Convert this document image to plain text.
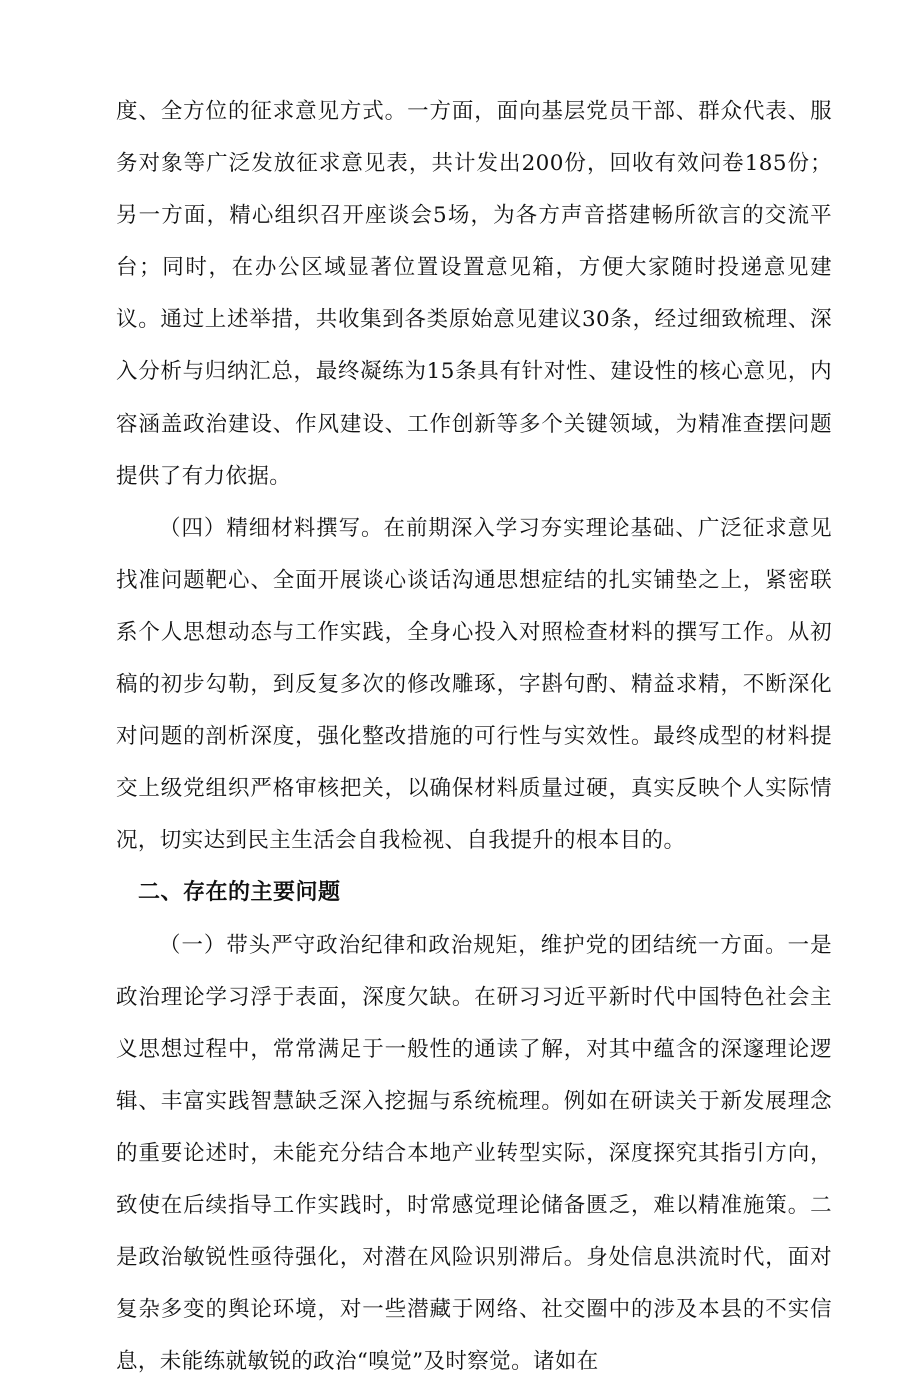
度、全方位的征求意见方式。一方面，面向基层党员干部、群众代表、服务对象等广泛发放征求意见表，共计发出200份，回收有效问卷185份；另一方面，精心组织召开座谈会5场，为各方声音搭建畅所欲言的交流平台；同时，在办公区域显著位置设置意见箱，方便大家随时投递意见建议。通过上述举措，共收集到各类原始意见建议30条，经过细致梳理、深入分析与归纳汇总，最终凝练为15条具有针对性、建设性的核心意见，内容涵盖政治建设、作风建设、工作创新等多个关键领域，为精准查摆问题提供了有力依据。

（四）精细材料撰写。在前期深入学习夯实理论基础、广泛征求意见找准问题靶心、全面开展谈心谈话沟通思想症结的扎实铺垫之上，紧密联系个人思想动态与工作实践，全身心投入对照检查材料的撰写工作。从初稿的初步勾勒，到反复多次的修改雕琢，字斟句酌、精益求精，不断深化对问题的剖析深度，强化整改措施的可行性与实效性。最终成型的材料提交上级党组织严格审核把关，以确保材料质量过硬，真实反映个人实际情况，切实达到民主生活会自我检视、自我提升的根本目的。

二、存在的主要问题

（一）带头严守政治纪律和政治规矩，维护党的团结统一方面。一是政治理论学习浮于表面，深度欠缺。在研习习近平新时代中国特色社会主义思想过程中，常常满足于一般性的通读了解，对其中蕴含的深邃理论逻辑、丰富实践智慧缺乏深入挖掘与系统梳理。例如在研读关于新发展理念的重要论述时，未能充分结合本地产业转型实际，深度探究其指引方向，致使在后续指导工作实践时，时常感觉理论储备匮乏，难以精准施策。二是政治敏锐性亟待强化，对潜在风险识别滞后。身处信息洪流时代，面对复杂多变的舆论环境，对一些潜藏于网络、社交圈中的涉及本县的不实信息，未能练就敏锐的政治“嗅觉”及时察觉。诸如在
